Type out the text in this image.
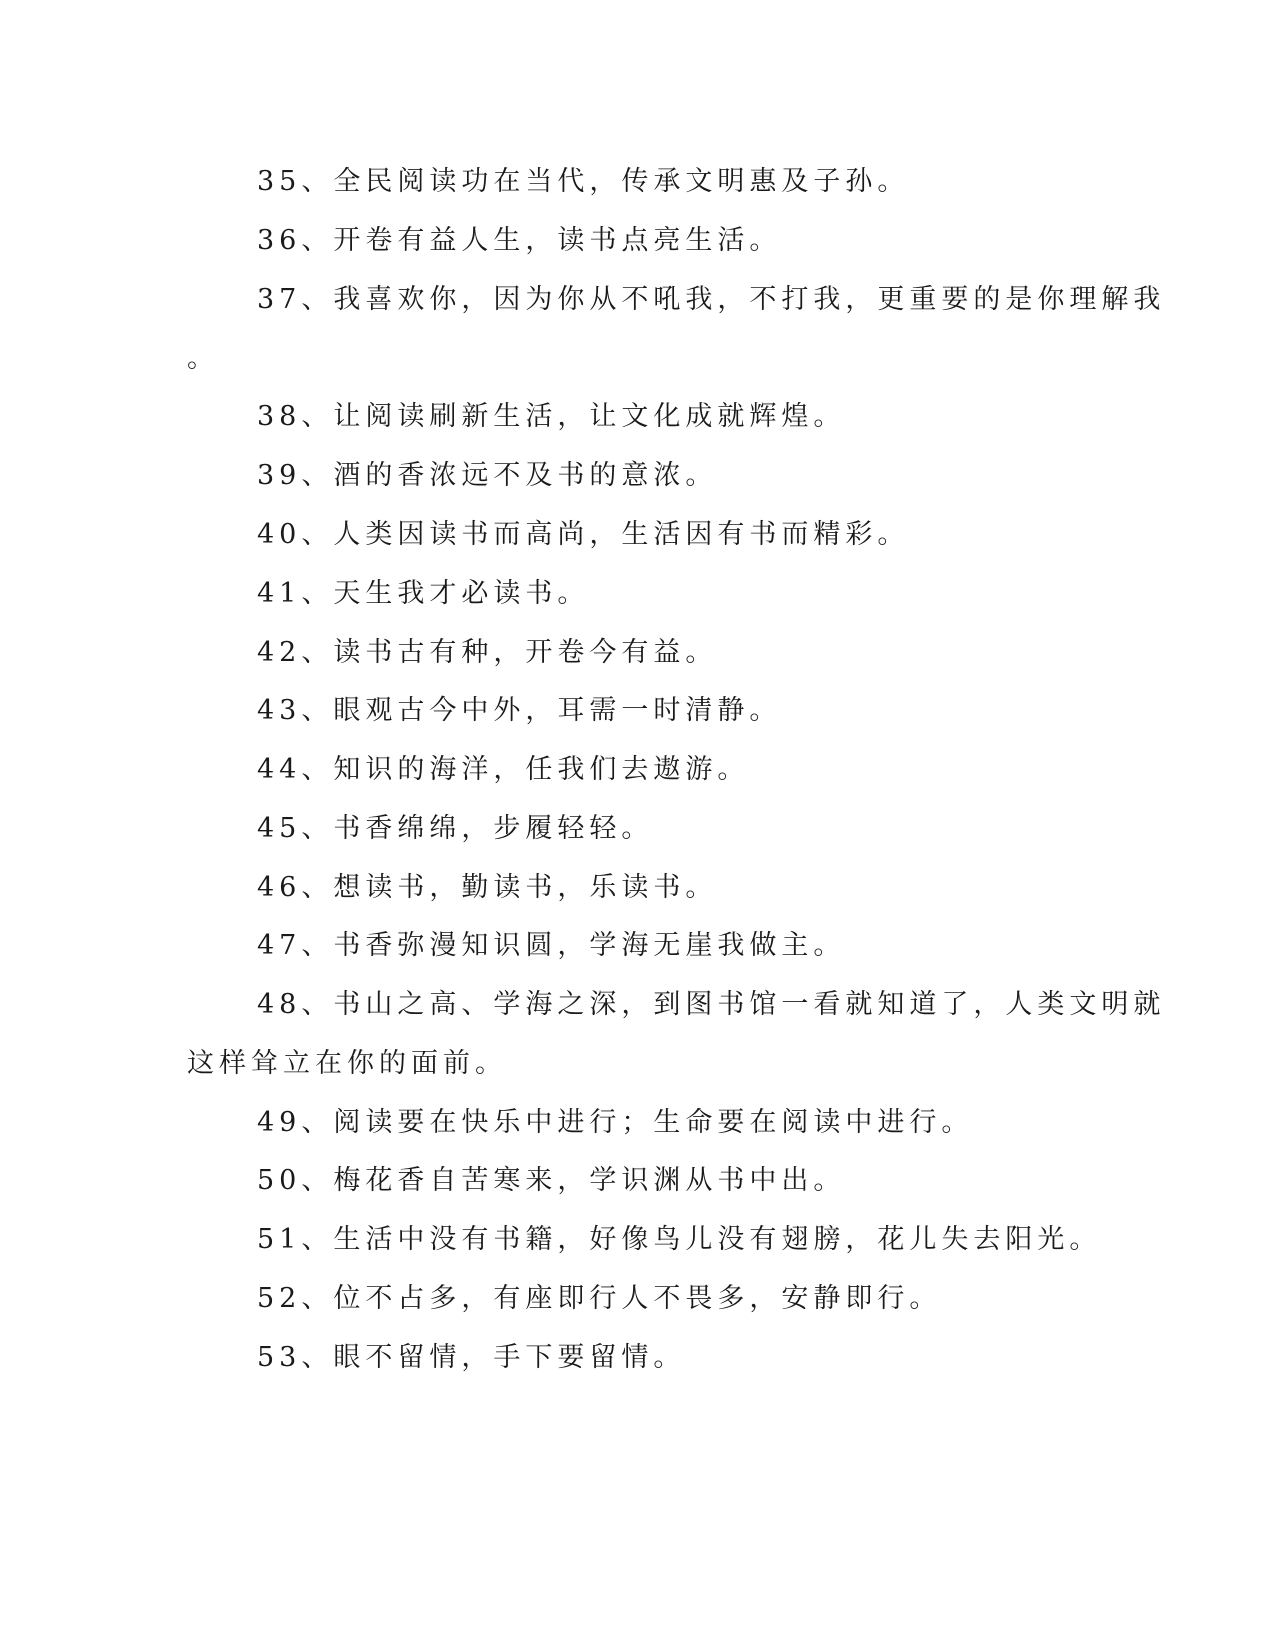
35、全民阅读功在当代，传承文明惠及子孙。
36、开卷有益人生，读书点亮生活。
37、我喜欢你，因为你从不吼我，不打我，更重要的是你理解我
。
38、让阅读刷新生活，让文化成就辉煌。
39、酒的香浓远不及书的意浓。
40、人类因读书而高尚，生活因有书而精彩。
41、天生我才必读书。
42、读书古有种，开卷今有益。
43、眼观古今中外，耳需一时清静。
44、知识的海洋，任我们去遨游。
45、书香绵绵，步履轻轻。
46、想读书，勤读书，乐读书。
47、书香弥漫知识圆，学海无崖我做主。
48、书山之高、学海之深，到图书馆一看就知道了，人类文明就
这样耸立在你的面前。
49、阅读要在快乐中进行；生命要在阅读中进行。
50、梅花香自苦寒来，学识渊从书中出。
51、生活中没有书籍，好像鸟儿没有翅膀，花儿失去阳光。
52、位不占多，有座即行人不畏多，安静即行。
53、眼不留情，手下要留情。
